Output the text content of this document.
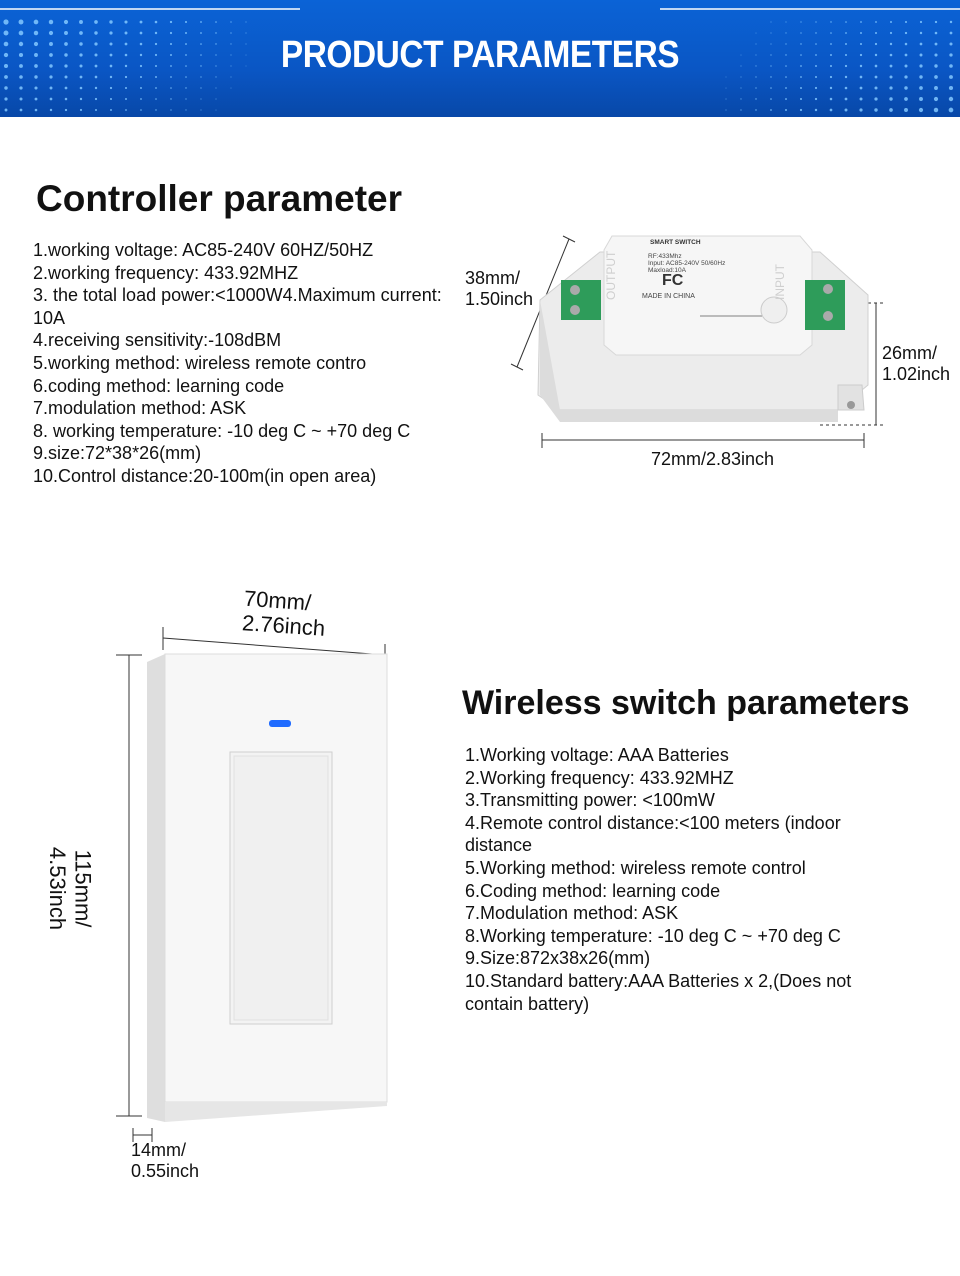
PRODUCT PARAMETERS
Controller parameter
1.working voltage: AC85-240V 60HZ/50HZ
2.working frequency: 433.92MHZ
3. the total load power:<1000W4.Maximum current: 10A
4.receiving sensitivity:-108dBM
5.working method: wireless remote contro
6.coding method: learning code
7.modulation method: ASK
8. working temperature: -10 deg C ~ +70 deg C
9.size:72*38*26(mm)
10.Control distance:20-100m(in open area)
SMART SWITCH
RF:433Mhz
Input: AC85-240V 50/60Hz
Maxload:10A
FC
MADE IN CHINA
OUTPUT	INPUT
38mm/
1.50inch
26mm/
1.02inch
72mm/2.83inch
70mm/
2.76inch
115mm/
4.53inch
14mm/
0.55inch
Wireless switch parameters
1.Working voltage: AAA Batteries
2.Working frequency: 433.92MHZ
3.Transmitting power: <100mW
4.Remote control distance:<100 meters (indoor distance
5.Working method: wireless remote control
6.Coding method: learning code
7.Modulation method: ASK
8.Working temperature: -10 deg C ~ +70 deg C
9.Size:872x38x26(mm)
10.Standard battery:AAA Batteries x 2,(Does not contain battery)
